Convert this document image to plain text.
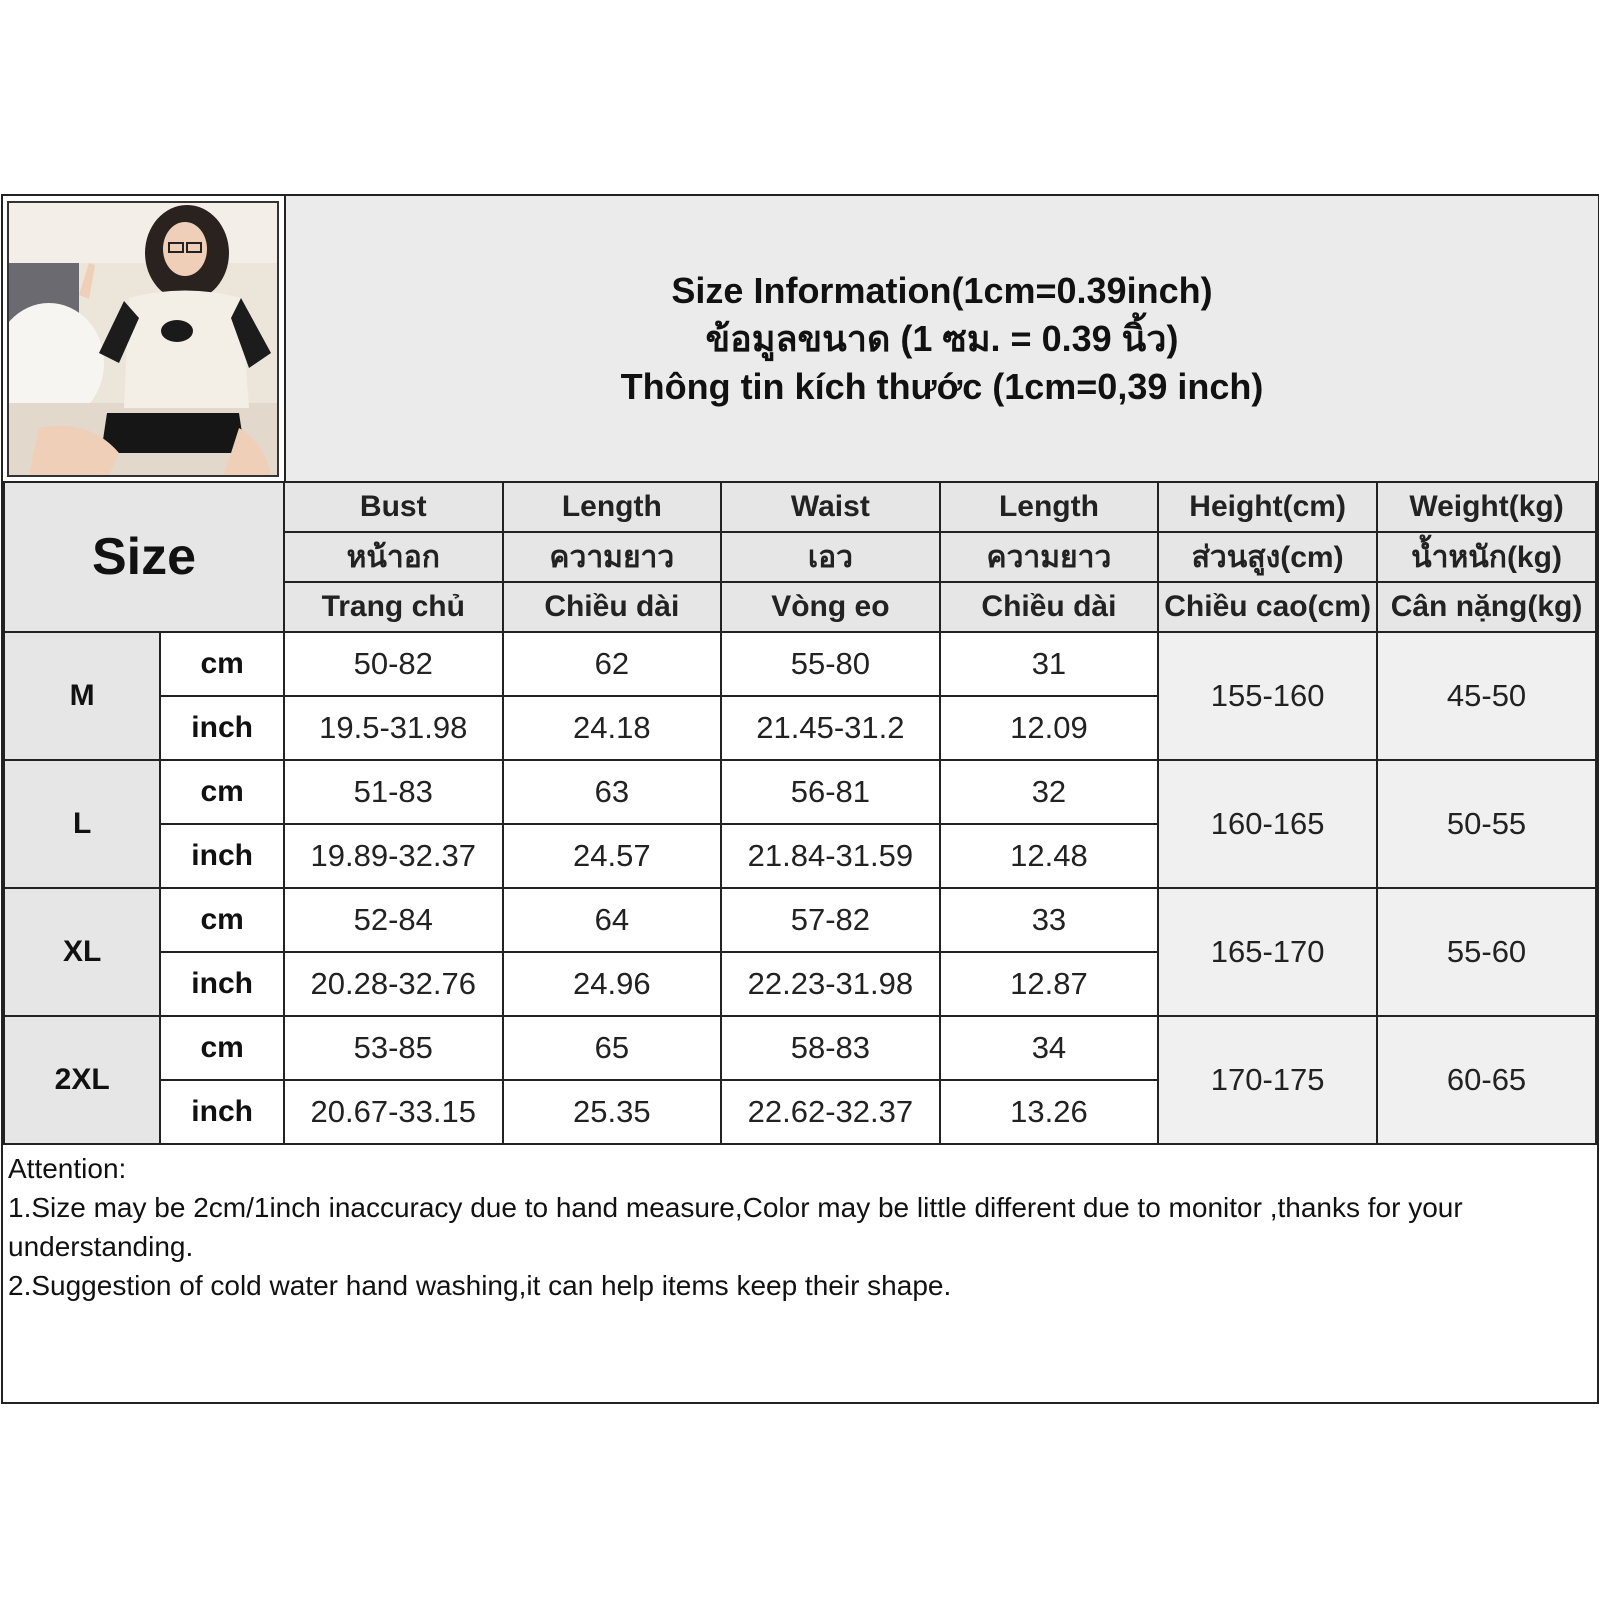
Size Information(1cm=0.39inch)
ข้อมูลขนาด (1 ซม. = 0.39 นิ้ว)
Thông tin kích thước (1cm=0,39 inch)
Size		Bust	Length	Waist	Length	Height(cm)	Weight(kg)
		หน้าอก	ความยาว	เอว	ความยาว	ส่วนสูง(cm)	น้ำหนัก(kg)
		Trang chủ	Chiều dài	Vòng eo	Chiều dài	Chiều cao(cm)	Cân nặng(kg)
M	cm	50-82	62	55-80	31	155-160	45-50
	inch	19.5-31.98	24.18	21.45-31.2	12.09		
L	cm	51-83	63	56-81	32	160-165	50-55
	inch	19.89-32.37	24.57	21.84-31.59	12.48		
XL	cm	52-84	64	57-82	33	165-170	55-60
	inch	20.28-32.76	24.96	22.23-31.98	12.87		
2XL	cm	53-85	65	58-83	34	170-175	60-65
	inch	20.67-33.15	25.35	22.62-32.37	13.26		
Attention:
1.Size may be 2cm/1inch inaccuracy due to hand measure,Color may be little different due to monitor ,thanks for your understanding.
2.Suggestion of cold water hand washing,it can help items keep their shape.
